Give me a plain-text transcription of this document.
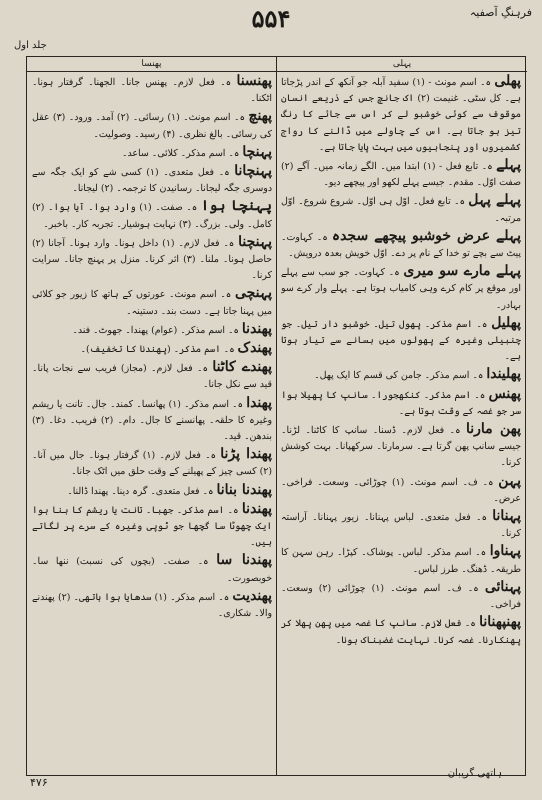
فرہنگِ آصفیہ
۵۵۴
جلد اول
پہلی
پھنسا
پھلی ہ۔ اسم مونث - (۱) سفید آبلہ جو آنکھ کے اندر پڑجاتا ہے۔ کل سٹی۔ غنیمت (۲) اک جانچ جس کے ذریعے انسان موقوف سے کوئی خوشبو لے کر اس سے جائے کا رنگ تیز ہو جاتا ہے۔ اس کے چاولے میں ڈالنے کا رواج کشمیروں اور پنجابیوں میں بہت پایا جاتا ہے۔
پہلے ہ۔ تابع فعل - (۱) ابتدا میں۔ الگے زمانہ میں۔ آگے (۲) صفت اوّل۔ مقدم۔ جیسے پہلے لکھو اور پیچھے دیو۔
پہلے پہل ہ۔ تابع فعل۔ اوّل ہی اوّل۔ شروع شروع۔ اوّل مرتبہ۔
پہلے عرض خوشبو پیچھے سجدہ ہ۔ کہاوت۔ پیٹ سے بچے تو خدا کے نام پر دے۔ اوّل خویش بعدہ درویش۔
پہلے مارے سو میری ہ۔ کہاوت۔ جو سب سے پہلے اور موقع پر کام کرے وہی کامیاب ہوتا ہے۔ پہلے وار کرے سو بہادر۔
پھلیل ہ۔ اسم مذکر۔ پھول تیل۔ خوشبو دار تیل۔ جو چنبیلی وغیرہ کے پھولوں میں بسانے سے تیار ہوتا ہے۔
پھلیندا ہ۔ اسم مذکر۔ جامن کی قسم کا ایک پھل۔
پھنس ہ۔ اسم مذکر۔ کنکھجورا۔ سانپ کا پھیلا ہوا سر جو غصہ کے وقت ہوتا ہے۔
پھن مارنا ہ۔ فعل لازم۔ ڈسنا۔ سانپ کا کاٹنا۔ لڑنا۔ جیسے سانپ پھن گرتا ہے۔ سرمارنا۔ سرکھپانا۔ بہت کوشش کرنا۔
پہن ہ۔ ف۔ اسم مونث۔ (۱) چوڑائی۔ وسعت۔ فراخی۔ عرض۔
پہنانا ہ۔ فعل متعدی۔ لباس پہنانا۔ زیور پہنانا۔ آراستہ کرنا۔
پہناوا ہ۔ اسم مذکر۔ لباس۔ پوشاک۔ کپڑا۔ رہن سہن کا طریقہ۔ ڈھنگ۔ طرز لباس۔
پہنائی ہ۔ ف۔ اسم مونث۔ (۱) چوڑائی (۲) وسعت۔ فراخی۔
پھنپھنانا ہ۔ فعل لازم۔ سانپ کا غصہ میں پھن پھلا کر پھنکارنا۔ غصہ کرنا۔ نہایت غضبناک ہونا۔
پھنسنا ہ۔ فعل لازم۔ پھنس جانا۔ الجھنا۔ گرفتار ہونا۔ اٹکنا۔
پھنچ ہ۔ اسم مونث۔ (۱) رسائی۔ (۲) آمد۔ ورود۔ (۳) عقل کی رسائی۔ بالغ نظری۔ (۴) رسید۔ وصولیت۔
پہنچا ہ۔ اسم مذکر۔ کلائی۔ ساعد۔
پہنچانا ہ۔ فعل متعدی۔ (۱) کسی شے کو ایک جگہ سے دوسری جگہ لیجانا۔ رسانیدن کا ترجمہ۔ (۲) لیجانا۔
پہنچا ہوا ہ۔ صفت۔ (۱) وارد ہوا۔ آیا ہوا۔ (۲) کامل۔ ولی۔ بزرگ۔ (۳) نہایت ہوشیار۔ تجربہ کار۔ باخبر۔
پہنچنا ہ۔ فعل لازم۔ (۱) داخل ہونا۔ وارد ہونا۔ آجانا (۲) حاصل ہونا۔ ملنا۔ (۳) اثر کرنا۔ منزل پر پہنچ جانا۔ سرایت کرنا۔
پہنچی ہ۔ اسم مونث۔ عورتوں کے ہاتھ کا زیور جو کلائی میں پہنا جاتا ہے۔ دست بند۔ دستینہ۔
پھندنا ہ۔ اسم مذکر۔ (عوام) پھندا۔ جھوٹ۔ فند۔
پھندک ہ۔ اسم مذکر۔ (پھندنا کا تخفیف)۔
پھندے کاٹنا ہ۔ فعل لازم۔ (مجاز) فریب سے نجات پانا۔ قید سے نکل جانا۔
پھندا ہ۔ اسم مذکر۔ (۱) پھانسا۔ کمند۔ جال۔ تانت یا ریشم وغیرہ کا حلقہ۔ پھانسنے کا جال۔ دام۔ (۲) فریب۔ دغا۔ (۳) بندھن۔ قید۔
پھندا پڑنا ہ۔ فعل لازم۔ (۱) گرفتار ہونا۔ جال میں آنا۔ (۲) کسی چیز کے پھیلنے کے وقت حلق میں اٹک جانا۔
پھندنا بنانا ہ۔ فعل متعدی۔ گرہ دینا۔ پھندا ڈالنا۔
پھندنا ہ۔ اسم مذکر۔ جھبا۔ تانت یا ریشم کا بنا ہوا ایک چھوٹا سا گچھا جو ٹوپی وغیرہ کے سرے پر لگاتے ہیں۔
پھندنا سا ہ۔ صفت۔ (بچوں کی نسبت) ننھا سا۔ خوبصورت۔
پھندیت ہ۔ اسم مذکر۔ (۱) سدھایا ہوا ہاتھی۔ (۲) پھندنے والا۔ شکاری۔
ہاتھی گریبان
۴۷۶
